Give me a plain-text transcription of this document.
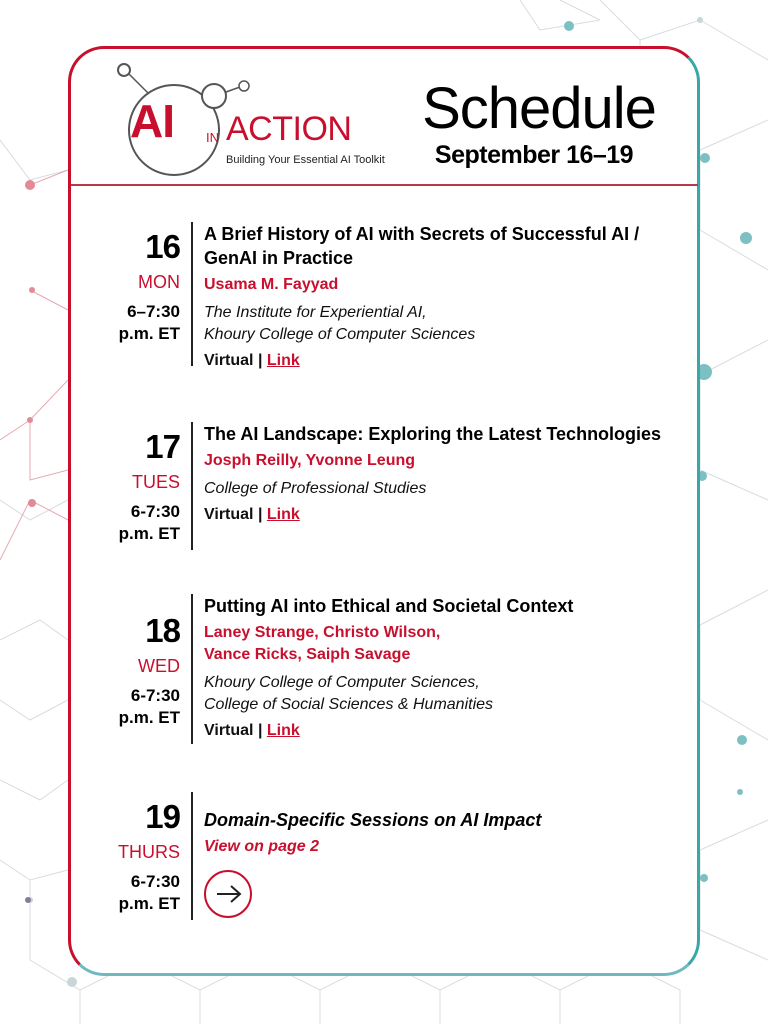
AI IN ACTION
Building Your Essential AI Toolkit
Schedule
September 16–19
16
MON
6–7:30
p.m. ET
A Brief History of AI with Secrets of Successful AI / GenAI in Practice
Usama M. Fayyad
The Institute for Experiential AI,
Khoury College of Computer Sciences
Virtual | Link
17
TUES
6-7:30
p.m. ET
The AI Landscape: Exploring the Latest Technologies
Josph Reilly, Yvonne Leung
College of Professional Studies
Virtual | Link
18
WED
6-7:30
p.m. ET
Putting AI into Ethical and Societal Context
Laney Strange, Christo Wilson,
Vance Ricks, Saiph Savage
Khoury College of Computer Sciences,
College of Social Sciences & Humanities
Virtual | Link
19
THURS
6-7:30
p.m. ET
Domain-Specific Sessions on AI Impact
View on page 2
